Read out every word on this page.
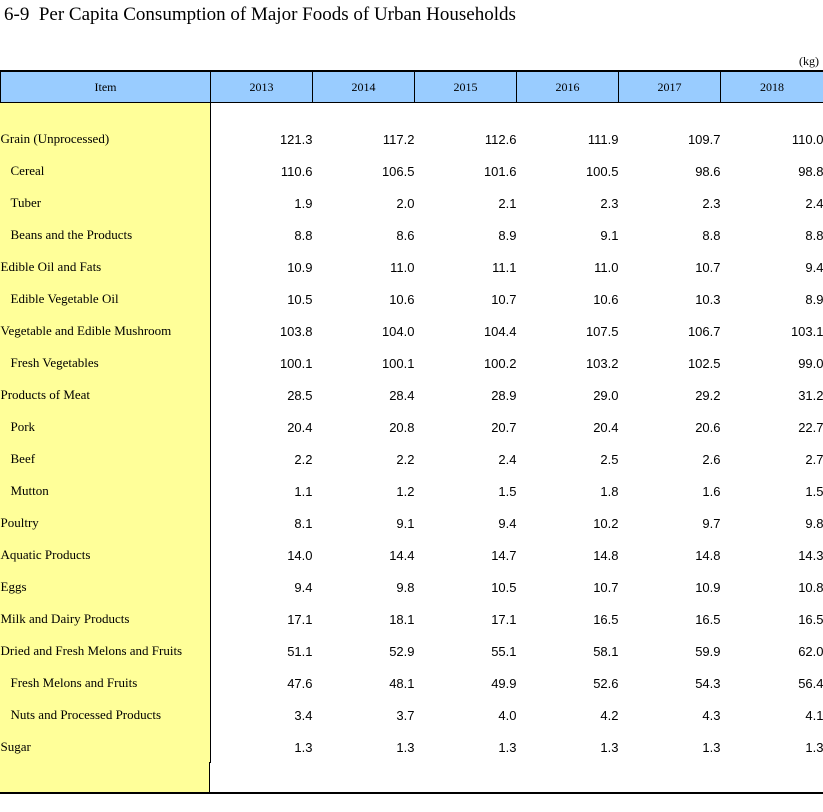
6-9  Per Capita Consumption of Major Foods of Urban Households
(kg)
Item	2013	2014	2015	2016	2017	2018

Grain (Unprocessed)	121.3	117.2	112.6	111.9	109.7	110.0
Cereal	110.6	106.5	101.6	100.5	98.6	98.8
Tuber	1.9	2.0	2.1	2.3	2.3	2.4
Beans and the Products	8.8	8.6	8.9	9.1	8.8	8.8
Edible Oil and Fats	10.9	11.0	11.1	11.0	10.7	9.4
Edible Vegetable Oil	10.5	10.6	10.7	10.6	10.3	8.9
Vegetable and Edible Mushroom	103.8	104.0	104.4	107.5	106.7	103.1
Fresh Vegetables	100.1	100.1	100.2	103.2	102.5	99.0
Products of Meat	28.5	28.4	28.9	29.0	29.2	31.2
Pork	20.4	20.8	20.7	20.4	20.6	22.7
Beef	2.2	2.2	2.4	2.5	2.6	2.7
Mutton	1.1	1.2	1.5	1.8	1.6	1.5
Poultry	8.1	9.1	9.4	10.2	9.7	9.8
Aquatic Products	14.0	14.4	14.7	14.8	14.8	14.3
Eggs	9.4	9.8	10.5	10.7	10.9	10.8
Milk and Dairy Products	17.1	18.1	17.1	16.5	16.5	16.5
Dried and Fresh Melons and Fruits	51.1	52.9	55.1	58.1	59.9	62.0
Fresh Melons and Fruits	47.6	48.1	49.9	52.6	54.3	56.4
Nuts and Processed Products	3.4	3.7	4.0	4.2	4.3	4.1
Sugar	1.3	1.3	1.3	1.3	1.3	1.3
